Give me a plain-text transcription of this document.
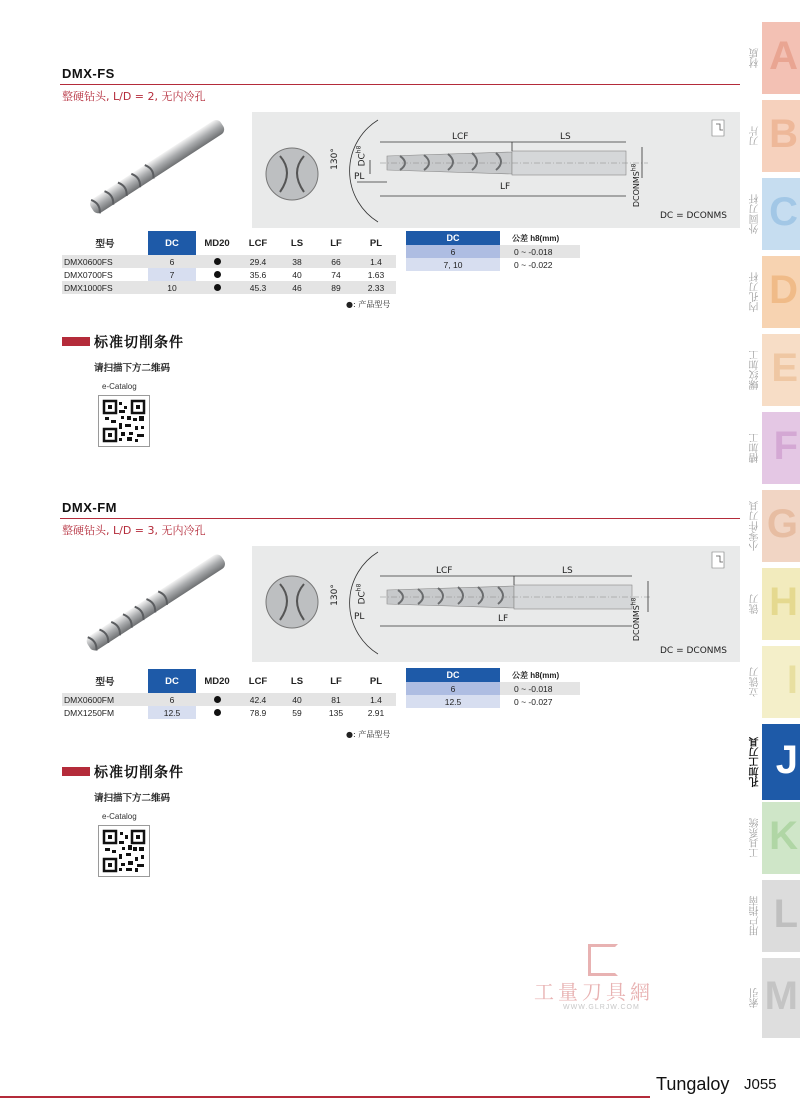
DMX-FS
整硬钻头, L/D = 2, 无内冷孔
130° $DC^{h8}$
LCF	LS
LF
PL	$DCONMS^{h8}$
DC = DCONMS
型号	DC	MD20	LCF	LS	LF	PL
DMX0600FS	6		29.4	38	66	1.4
DMX0700FS	7		35.6	40	74	1.63
DMX1000FS	10		45.3	46	89	2.33
●: 产品型号
DC	公差 h8(mm)
6	0 ~ -0.018
7, 10	0 ~ -0.022
标准切削条件
请扫描下方二维码
e-Catalog
DMX-FM
整硬钻头, L/D = 3, 无内冷孔
130° $DC^{h8}$
LCF	LS
LF
PL	$DCONMS^{h8}$
DC = DCONMS
型号	DC	MD20	LCF	LS	LF	PL
DMX0600FM	6		42.4	40	81	1.4
DMX1250FM	12.5		78.9	59	135	2.91
●: 产品型号
DC	公差 h8(mm)
6	0 ~ -0.018
12.5	0 ~ -0.027
标准切削条件
请扫描下方二维码
e-Catalog
A
材质
B
刀片
C
外圆刀杆
D
内孔刀杆
E
螺纹加工
F
槽加工
G
小零件刀具
H
铣刀
I
立铣刀
J
孔加工刀具
K
工具系统
L
用户指南
M
索引
工量刀具網
WWW.GLRJW.COM
Tungaloy J055
